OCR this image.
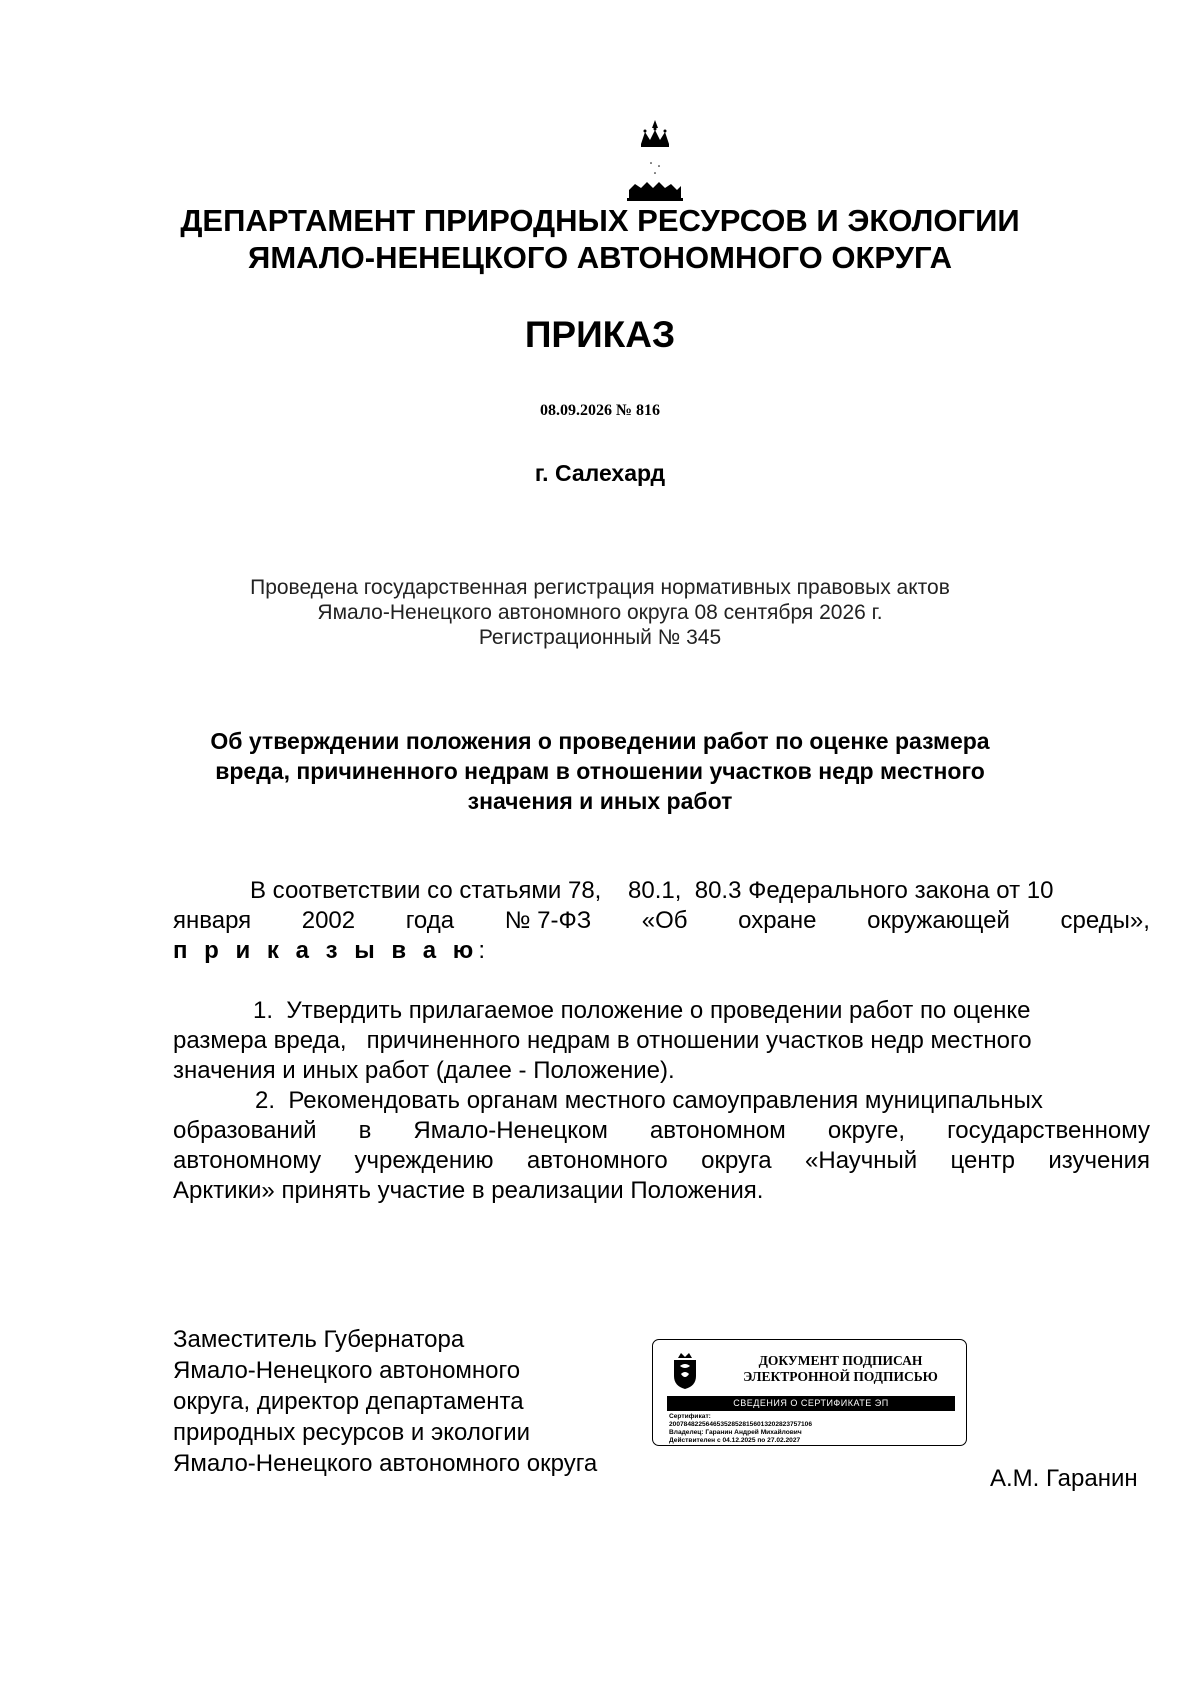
ДЕПАРТАМЕНТ ПРИРОДНЫХ РЕСУРСОВ И ЭКОЛОГИИ
ЯМАЛО-НЕНЕЦКОГО АВТОНОМНОГО ОКРУГА
ПРИКАЗ
08.09.2026 № 816
г. Салехард
Проведена государственная регистрация нормативных правовых актов
Ямало-Ненецкого автономного округа 08 сентября 2026 г.
Регистрационный № 345
Об утверждении положения о проведении работ по оценке размера
вреда, причиненного недрам в отношении участков недр местного
значения и иных работ
В соответствии со статьями 78,    80.1,  80.3 Федерального закона от 10
января 2002 года № 7-ФЗ «Об охране окружающей среды»,
п р и к а з ы в а ю:
1.  Утвердить прилагаемое положение о проведении работ по оценке
размера вреда,   причиненного недрам в отношении участков недр местного
значения и иных работ (далее - Положение).
2.  Рекомендовать органам местного самоуправления муниципальных
образований в Ямало-Ненецком автономном округе, государственному
автономному учреждению автономного округа «Научный центр изучения
Арктики» принять участие в реализации Положения.
Заместитель Губернатора
Ямало-Ненецкого автономного
округа, директор департамента
природных ресурсов и экологии
Ямало-Ненецкого автономного округа
ДОКУМЕНТ ПОДПИСАН
ЭЛЕКТРОННОЙ ПОДПИСЬЮ
СВЕДЕНИЯ О СЕРТИФИКАТЕ ЭП
Сертификат:
200784822564653528528156013202823757106
Владелец: Гаранин Андрей Михайлович
Действителен с 04.12.2025 по 27.02.2027
А.М. Гаранин
